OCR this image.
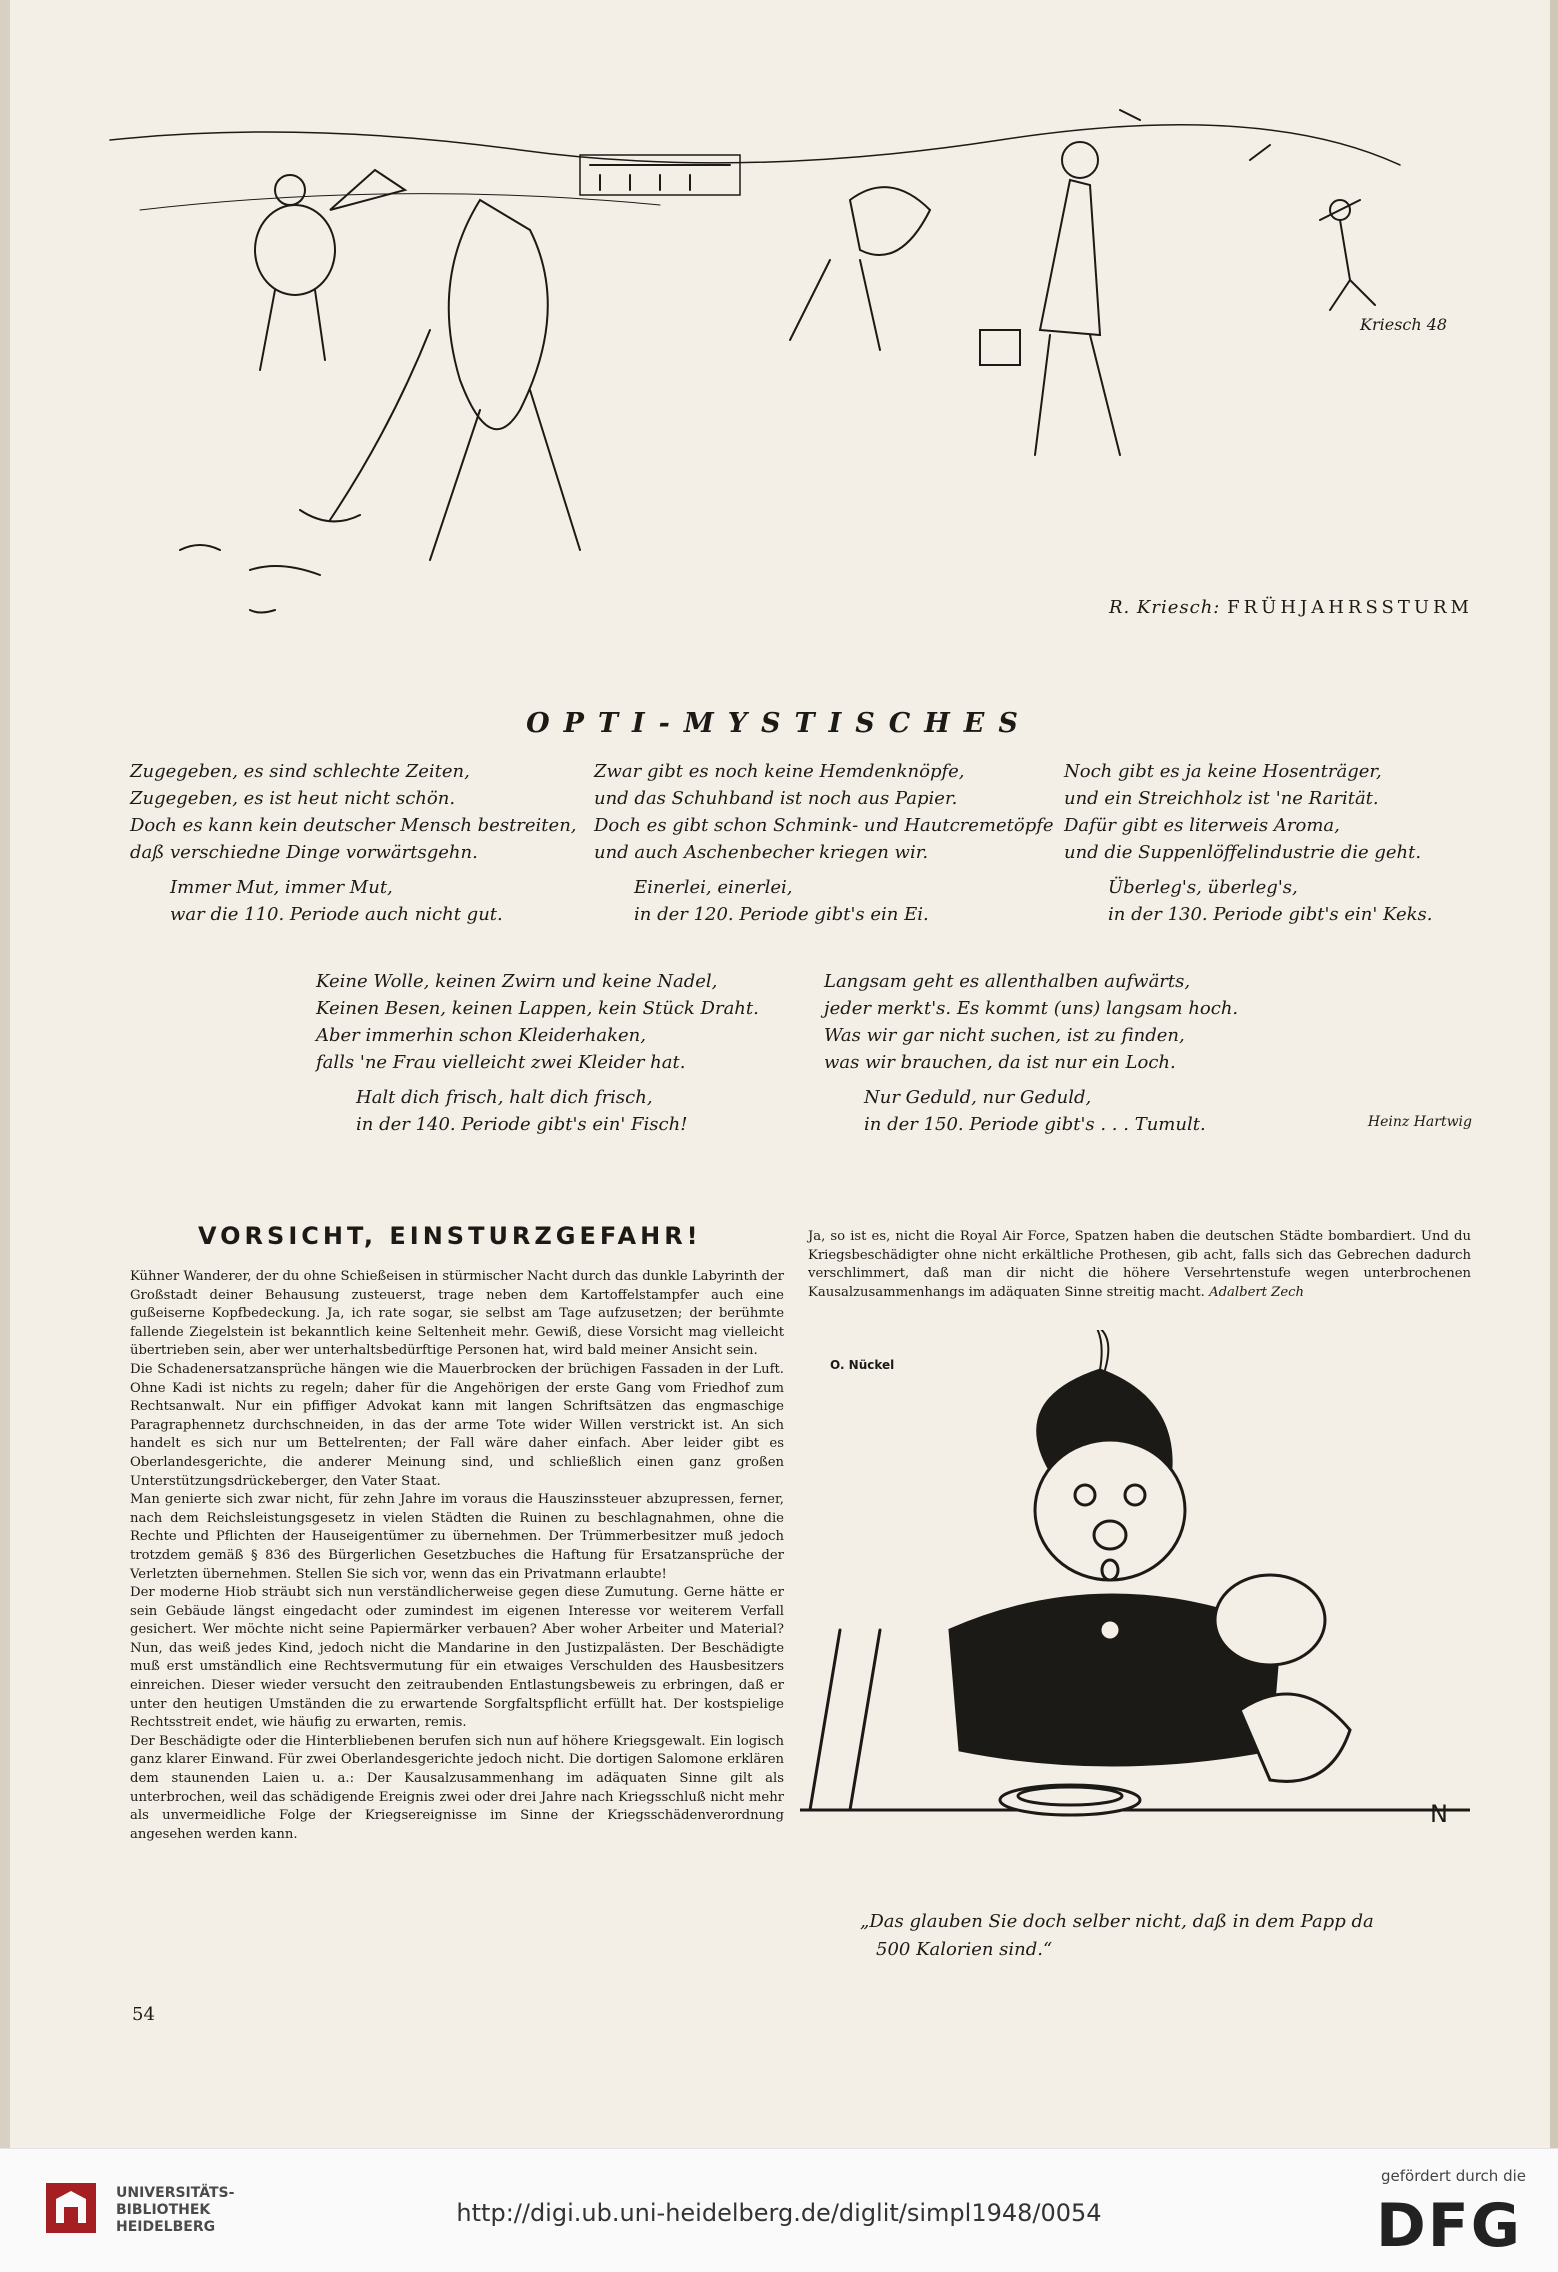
Kriesch 48
R. Kriesch: FRÜHJAHRSSTURM
OPTI-MYSTISCHES

Zugegeben, es sind schlechte Zeiten,

Zugegeben, es ist heut nicht schön.

Doch es kann kein deutscher Mensch bestreiten,

daß verschiedne Dinge vorwärtsgehn.

Immer Mut, immer Mut,

war die 110. Periode auch nicht gut.

Zwar gibt es noch keine Hemdenknöpfe,

und das Schuhband ist noch aus Papier.

Doch es gibt schon Schmink- und Hautcremetöpfe

und auch Aschenbecher kriegen wir.

Einerlei, einerlei,

in der 120. Periode gibt's ein Ei.

Noch gibt es ja keine Hosenträger,

und ein Streichholz ist 'ne Rarität.

Dafür gibt es literweis Aroma,

und die Suppenlöffelindustrie die geht.

Überleg's, überleg's,

in der 130. Periode gibt's ein' Keks.

Keine Wolle, keinen Zwirn und keine Nadel,

Keinen Besen, keinen Lappen, kein Stück Draht.

Aber immerhin schon Kleiderhaken,

falls 'ne Frau vielleicht zwei Kleider hat.

Halt dich frisch, halt dich frisch,

in der 140. Periode gibt's ein' Fisch!

Langsam geht es allenthalben aufwärts,

jeder merkt's. Es kommt (uns) langsam hoch.

Was wir gar nicht suchen, ist zu finden,

was wir brauchen, da ist nur ein Loch.

Nur Geduld, nur Geduld,

in der 150. Periode gibt's . . . Tumult.	Heinz Hartwig
VORSICHT, EINSTURZGEFAHR!

Kühner Wanderer, der du ohne Schießeisen in stürmischer Nacht durch das dunkle Labyrinth der Großstadt deiner Behausung zusteuerst, trage neben dem Kartoffelstampfer auch eine gußeiserne Kopfbedeckung. Ja, ich rate sogar, sie selbst am Tage aufzusetzen; der berühmte fallende Ziegelstein ist bekanntlich keine Seltenheit mehr. Gewiß, diese Vorsicht mag vielleicht übertrieben sein, aber wer unterhaltsbedürftige Personen hat, wird bald meiner Ansicht sein.

Die Schadenersatzansprüche hängen wie die Mauerbrocken der brüchigen Fassaden in der Luft. Ohne Kadi ist nichts zu regeln; daher für die Angehörigen der erste Gang vom Friedhof zum Rechtsanwalt. Nur ein pfiffiger Advokat kann mit langen Schriftsätzen das engmaschige Paragraphennetz durchschneiden, in das der arme Tote wider Willen verstrickt ist. An sich handelt es sich nur um Bettelrenten; der Fall wäre daher einfach. Aber leider gibt es Oberlandesgerichte, die anderer Meinung sind, und schließlich einen ganz großen Unterstützungsdrückeberger, den Vater Staat.

Man genierte sich zwar nicht, für zehn Jahre im voraus die Hauszinssteuer abzupressen, ferner, nach dem Reichsleistungsgesetz in vielen Städten die Ruinen zu beschlagnahmen, ohne die Rechte und Pflichten der Hauseigentümer zu übernehmen. Der Trümmerbesitzer muß jedoch trotzdem gemäß § 836 des Bürgerlichen Gesetzbuches die Haftung für Ersatzansprüche der Verletzten übernehmen. Stellen Sie sich vor, wenn das ein Privatmann erlaubte!

Der moderne Hiob sträubt sich nun verständlicherweise gegen diese Zumutung. Gerne hätte er sein Gebäude längst eingedacht oder zumindest im eigenen Interesse vor weiterem Verfall gesichert. Wer möchte nicht seine Papiermärker verbauen? Aber woher Arbeiter und Material? Nun, das weiß jedes Kind, jedoch nicht die Mandarine in den Justizpalästen. Der Beschädigte muß erst umständlich eine Rechtsvermutung für ein etwaiges Verschulden des Hausbesitzers einreichen. Dieser wieder versucht den zeitraubenden Entlastungsbeweis zu erbringen, daß er unter den heutigen Umständen die zu erwartende Sorgfaltspflicht erfüllt hat. Der kostspielige Rechtsstreit endet, wie häufig zu erwarten, remis.

Der Beschädigte oder die Hinterbliebenen berufen sich nun auf höhere Kriegsgewalt. Ein logisch ganz klarer Einwand. Für zwei Oberlandesgerichte jedoch nicht. Die dortigen Salomone erklären dem staunenden Laien u. a.: Der Kausalzusammenhang im adäquaten Sinne gilt als unterbrochen, weil das schädigende Ereignis zwei oder drei Jahre nach Kriegsschluß nicht mehr als unvermeidliche Folge der Kriegsereignisse im Sinne der Kriegsschädenverordnung angesehen werden kann.

Ja, so ist es, nicht die Royal Air Force, Spatzen haben die deutschen Städte bombardiert. Und du Kriegsbeschädigter ohne nicht erkältliche Prothesen, gib acht, falls sich das Gebrechen dadurch verschlimmert, daß man dir nicht die höhere Versehrtenstufe wegen unterbrochenen Kausalzusammenhangs im adäquaten Sinne streitig macht. Adalbert Zech
O. Nückel
N
„Das glauben Sie doch selber nicht, daß in dem Papp da
500 Kalorien sind.“
54
UNIVERSITÄTS-
BIBLIOTHEK
HEIDELBERG	http://digi.ub.uni-heidelberg.de/diglit/simpl1948/0054
gefördert durch die
DFG
